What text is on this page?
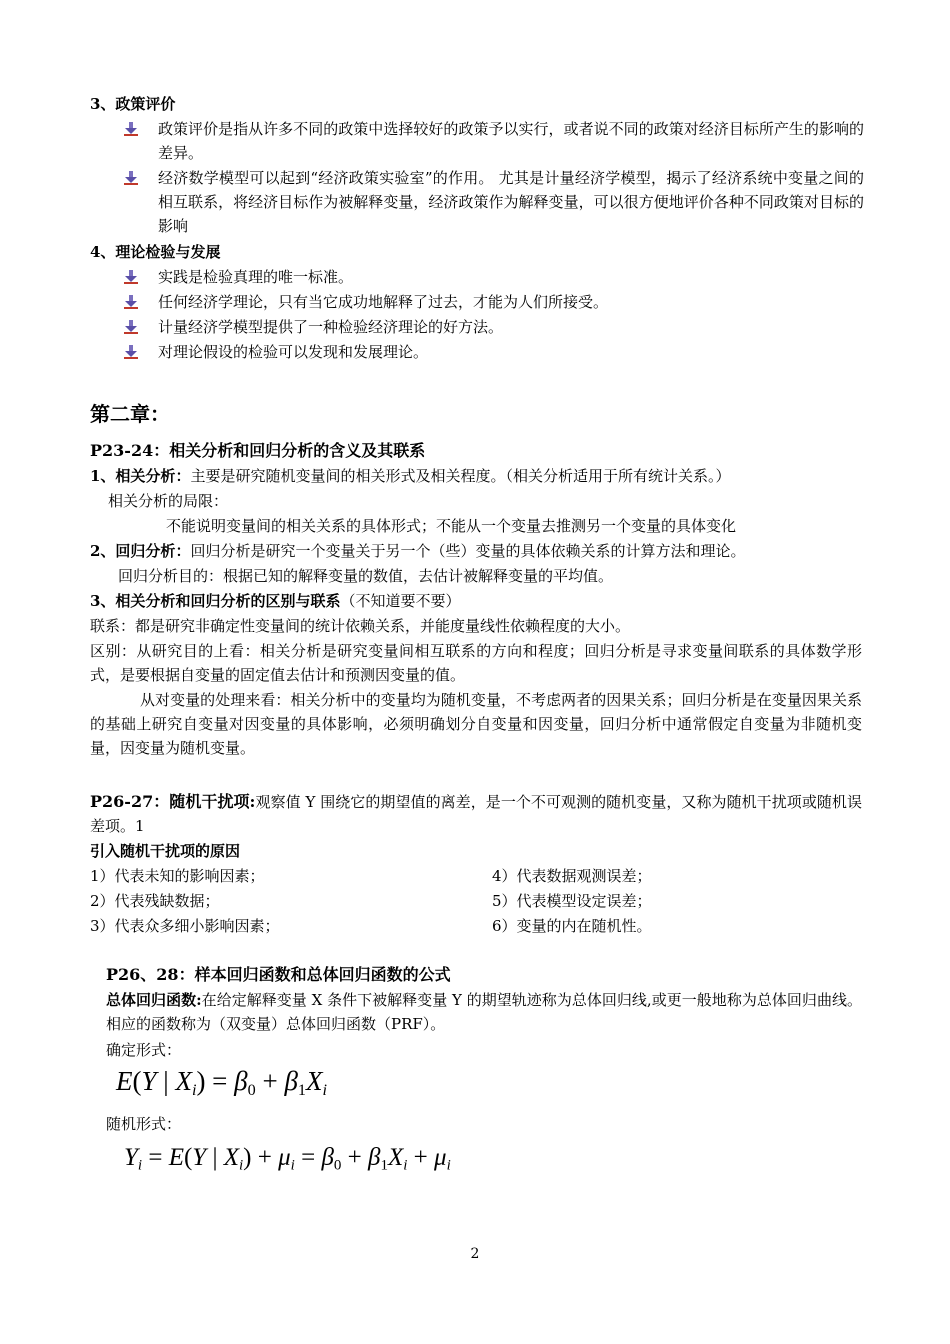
3、政策评价
政策评价是指从许多不同的政策中选择较好的政策予以实行，或者说不同的政策对经济目标所产生的影响的差异。
经济数学模型可以起到“经济政策实验室”的作用。 尤其是计量经济学模型，揭示了经济系统中变量之间的相互联系，将经济目标作为被解释变量，经济政策作为解释变量，可以很方便地评价各种不同政策对目标的影响
4、理论检验与发展
实践是检验真理的唯一标准。
任何经济学理论，只有当它成功地解释了过去，才能为人们所接受。
计量经济学模型提供了一种检验经济理论的好方法。
对理论假设的检验可以发现和发展理论。
第二章：
P23-24：相关分析和回归分析的含义及其联系
1、相关分析：主要是研究随机变量间的相关形式及相关程度。（相关分析适用于所有统计关系。）
相关分析的局限：
不能说明变量间的相关关系的具体形式；不能从一个变量去推测另一个变量的具体变化
2、回归分析：回归分析是研究一个变量关于另一个（些）变量的具体依赖关系的计算方法和理论。
回归分析目的：根据已知的解释变量的数值，去估计被解释变量的平均值。
3、相关分析和回归分析的区别与联系（不知道要不要）
联系：都是研究非确定性变量间的统计依赖关系，并能度量线性依赖程度的大小。
区别：从研究目的上看：相关分析是研究变量间相互联系的方向和程度；回归分析是寻求变量间联系的具体数学形式，是要根据自变量的固定值去估计和预测因变量的值。
从对变量的处理来看：相关分析中的变量均为随机变量，不考虑两者的因果关系；回归分析是在变量因果关系的基础上研究自变量对因变量的具体影响，必须明确划分自变量和因变量，回归分析中通常假定自变量为非随机变量，因变量为随机变量。
P26-27：随机干扰项:观察值 Y 围绕它的期望值的离差，是一个不可观测的随机变量，又称为随机干扰项或随机误差项。1
引入随机干扰项的原因
1）代表未知的影响因素；
2）代表残缺数据；
3）代表众多细小影响因素；
4）代表数据观测误差；
5）代表模型设定误差；
6）变量的内在随机性。
P26、28：样本回归函数和总体回归函数的公式
总体回归函数:在给定解释变量 X 条件下被解释变量 Y 的期望轨迹称为总体回归线,或更一般地称为总体回归曲线。相应的函数称为（双变量）总体回归函数（PRF）。
确定形式：
E(Y | $X_i) = \beta_0 + \beta_1X_i$
随机形式：
$Y_i = E(Y$ | $X_i) + \mu_i = \beta_0 + \beta_1X_i + \mu_i$
2
